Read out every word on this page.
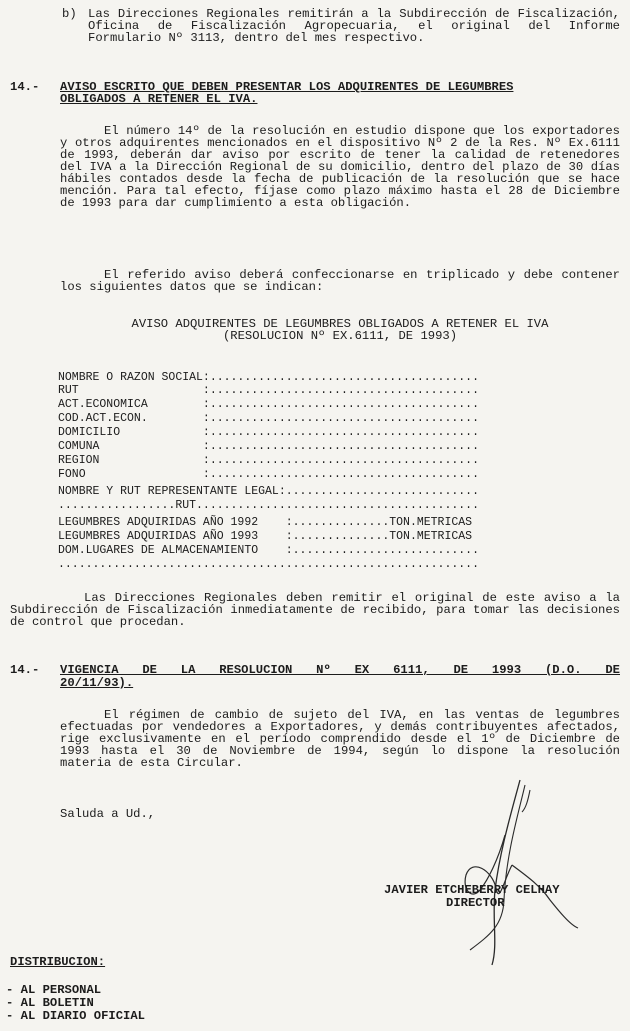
b) Las Direcciones Regionales remitirán a la Subdirección de Fiscalización, Oficina de Fiscalización Agropecuaria, el original del Informe Formulario Nº 3113, dentro del mes respectivo.
14.- AVISO ESCRITO QUE DEBEN PRESENTAR LOS ADQUIRENTES DE LEGUMBRES
OBLIGADOS A RETENER EL IVA.
El número 14º de la resolución en estudio dispone que los exportadores y otros adquirentes mencionados en el dispositivo Nº 2 de la Res. Nº Ex.6111 de 1993, deberán dar aviso por escrito de tener la calidad de retenedores del IVA a la Dirección Regional de su domicilio, dentro del plazo de 30 días hábiles contados desde la fecha de publicación de la resolución que se hace mención. Para tal efecto, fíjase como plazo máximo hasta el 28 de Diciembre de 1993 para dar cumplimiento a esta obligación.
El referido aviso deberá confeccionarse en triplicado y debe contener los siguientes datos que se indican:
AVISO ADQUIRENTES DE LEGUMBRES OBLIGADOS A RETENER EL IVA
(RESOLUCION Nº EX.6111, DE 1993)
NOMBRE O RAZON SOCIAL:.......................................
RUT                  :.......................................
ACT.ECONOMICA        :.......................................
COD.ACT.ECON.        :.......................................
DOMICILIO            :.......................................
COMUNA               :.......................................
REGION               :.......................................
FONO                 :.......................................
NOMBRE Y RUT REPRESENTANTE LEGAL:............................
.................RUT.........................................
LEGUMBRES ADQUIRIDAS AÑO 1992    :..............TON.METRICAS
LEGUMBRES ADQUIRIDAS AÑO 1993    :..............TON.METRICAS
DOM.LUGARES DE ALMACENAMIENTO    :...........................
.............................................................
Las Direcciones Regionales deben remitir el original de este aviso a la Subdirección de Fiscalización inmediatamente de recibido, para tomar las decisiones de control que procedan.
14.- VIGENCIA DE LA RESOLUCION Nº EX 6111, DE 1993 (D.O. DE
20/11/93).
El régimen de cambio de sujeto del IVA, en las ventas de legumbres efectuadas por vendedores a Exportadores, y demás contribuyentes afectados, rige exclusivamente en el período comprendido desde el 1º de Diciembre de 1993 hasta el 30 de Noviembre de 1994, según lo dispone la resolución materia de esta Circular.
Saluda a Ud.,
JAVIER ETCHEBERRY CELHAY
DIRECTOR
DISTRIBUCION:
- AL PERSONAL
- AL BOLETIN
- AL DIARIO OFICIAL
